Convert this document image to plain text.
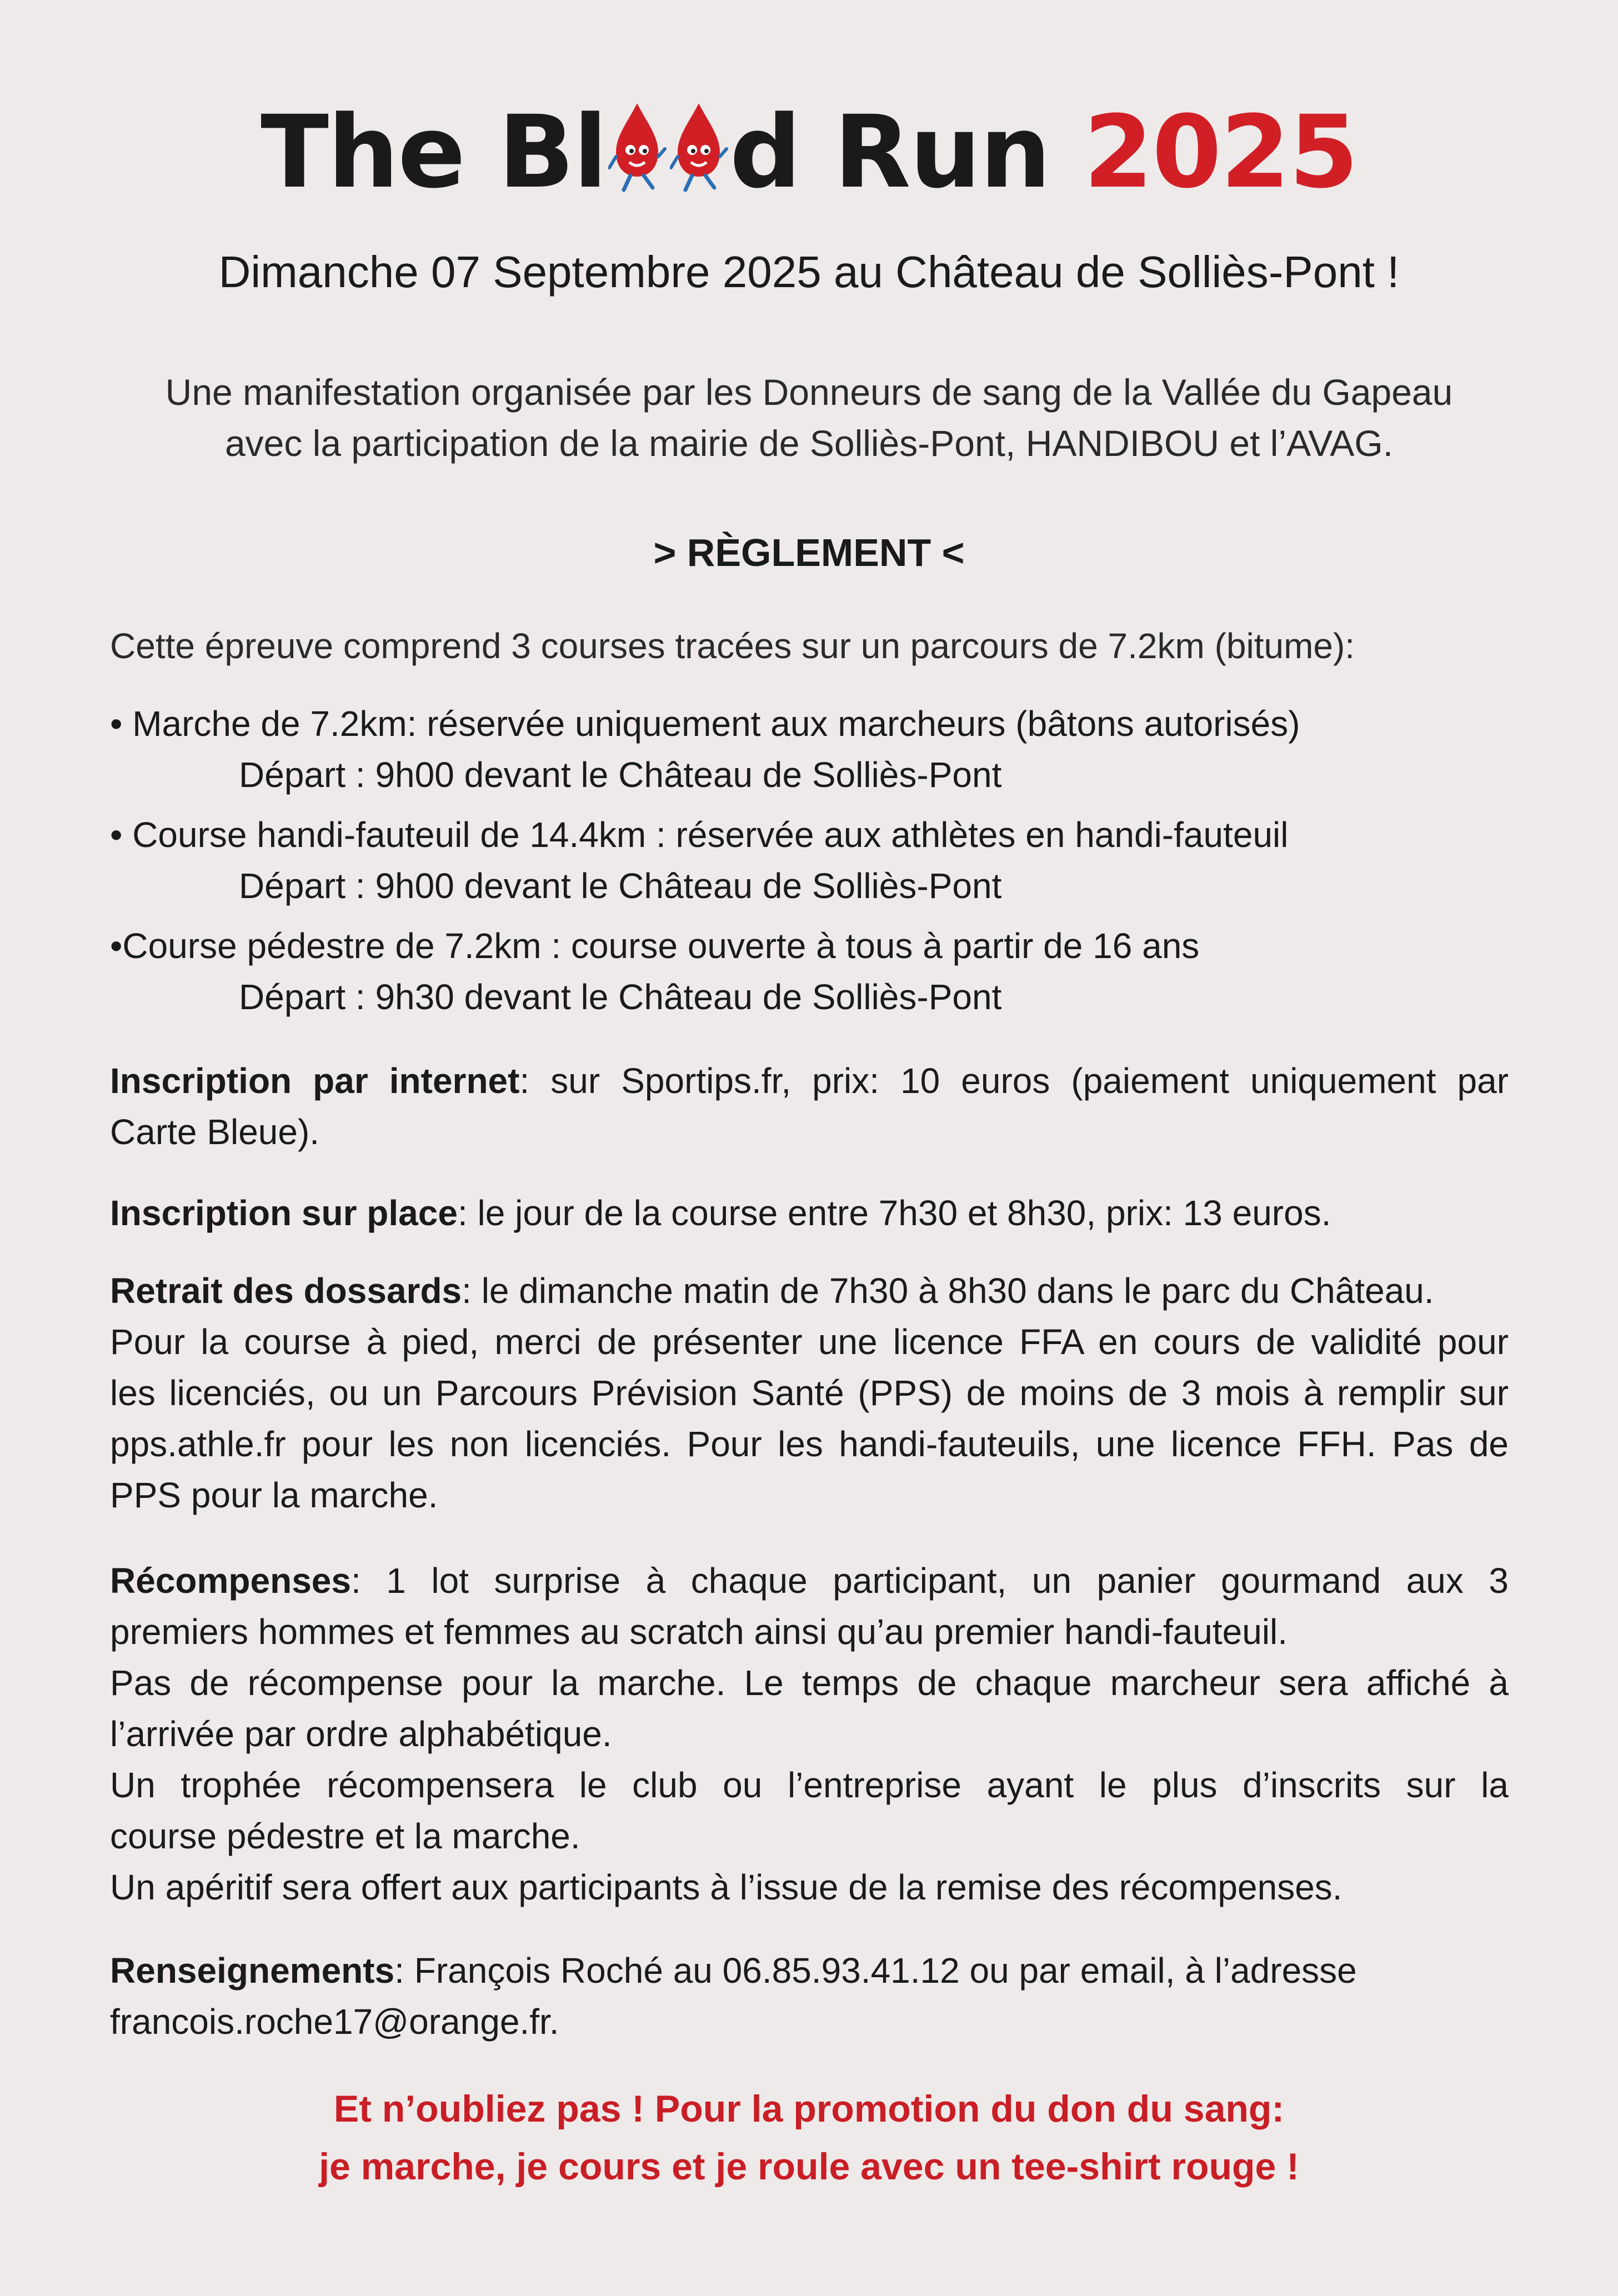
The Bl d Run 2025
Dimanche 07 Septembre 2025 au Château de Solliès-Pont !
Une manifestation organisée par les Donneurs de sang de la Vallée du Gapeau
avec la participation de la mairie de Solliès-Pont, HANDIBOU et l’AVAG.
> RÈGLEMENT <
Cette épreuve comprend 3 courses tracées sur un parcours de 7.2km (bitume):
• Marche de 7.2km: réservée uniquement aux marcheurs (bâtons autorisés)
Départ : 9h00 devant le Château de Solliès-Pont
• Course handi-fauteuil de 14.4km : réservée aux athlètes en handi-fauteuil
Départ : 9h00 devant le Château de Solliès-Pont
•Course pédestre de 7.2km : course ouverte à tous à partir de 16 ans
Départ : 9h30 devant le Château de Solliès-Pont
Inscription par internet: sur Sportips.fr, prix: 10 euros (paiement uniquement par
Carte Bleue).
Inscription sur place: le jour de la course entre 7h30 et 8h30, prix: 13 euros.
Retrait des dossards: le dimanche matin de 7h30 à 8h30 dans le parc du Château.
Pour la course à pied, merci de présenter une licence FFA en cours de validité pour
les licenciés, ou un Parcours Prévision Santé (PPS) de moins de 3 mois à remplir sur
pps.athle.fr pour les non licenciés. Pour les handi-fauteuils, une licence FFH. Pas de
PPS pour la marche.
Récompenses: 1 lot surprise à chaque participant, un panier gourmand aux 3
premiers hommes et femmes au scratch ainsi qu’au premier handi-fauteuil.
Pas de récompense pour la marche. Le temps de chaque marcheur sera affiché à
l’arrivée par ordre alphabétique.
Un trophée récompensera le club ou l’entreprise ayant le plus d’inscrits sur la
course pédestre et la marche.
Un apéritif sera offert aux participants à l’issue de la remise des récompenses.
Renseignements: François Roché au 06.85.93.41.12 ou par email, à l’adresse
francois.roche17@orange.fr.
Et n’oubliez pas ! Pour la promotion du don du sang:
je marche, je cours et je roule avec un tee-shirt rouge !
